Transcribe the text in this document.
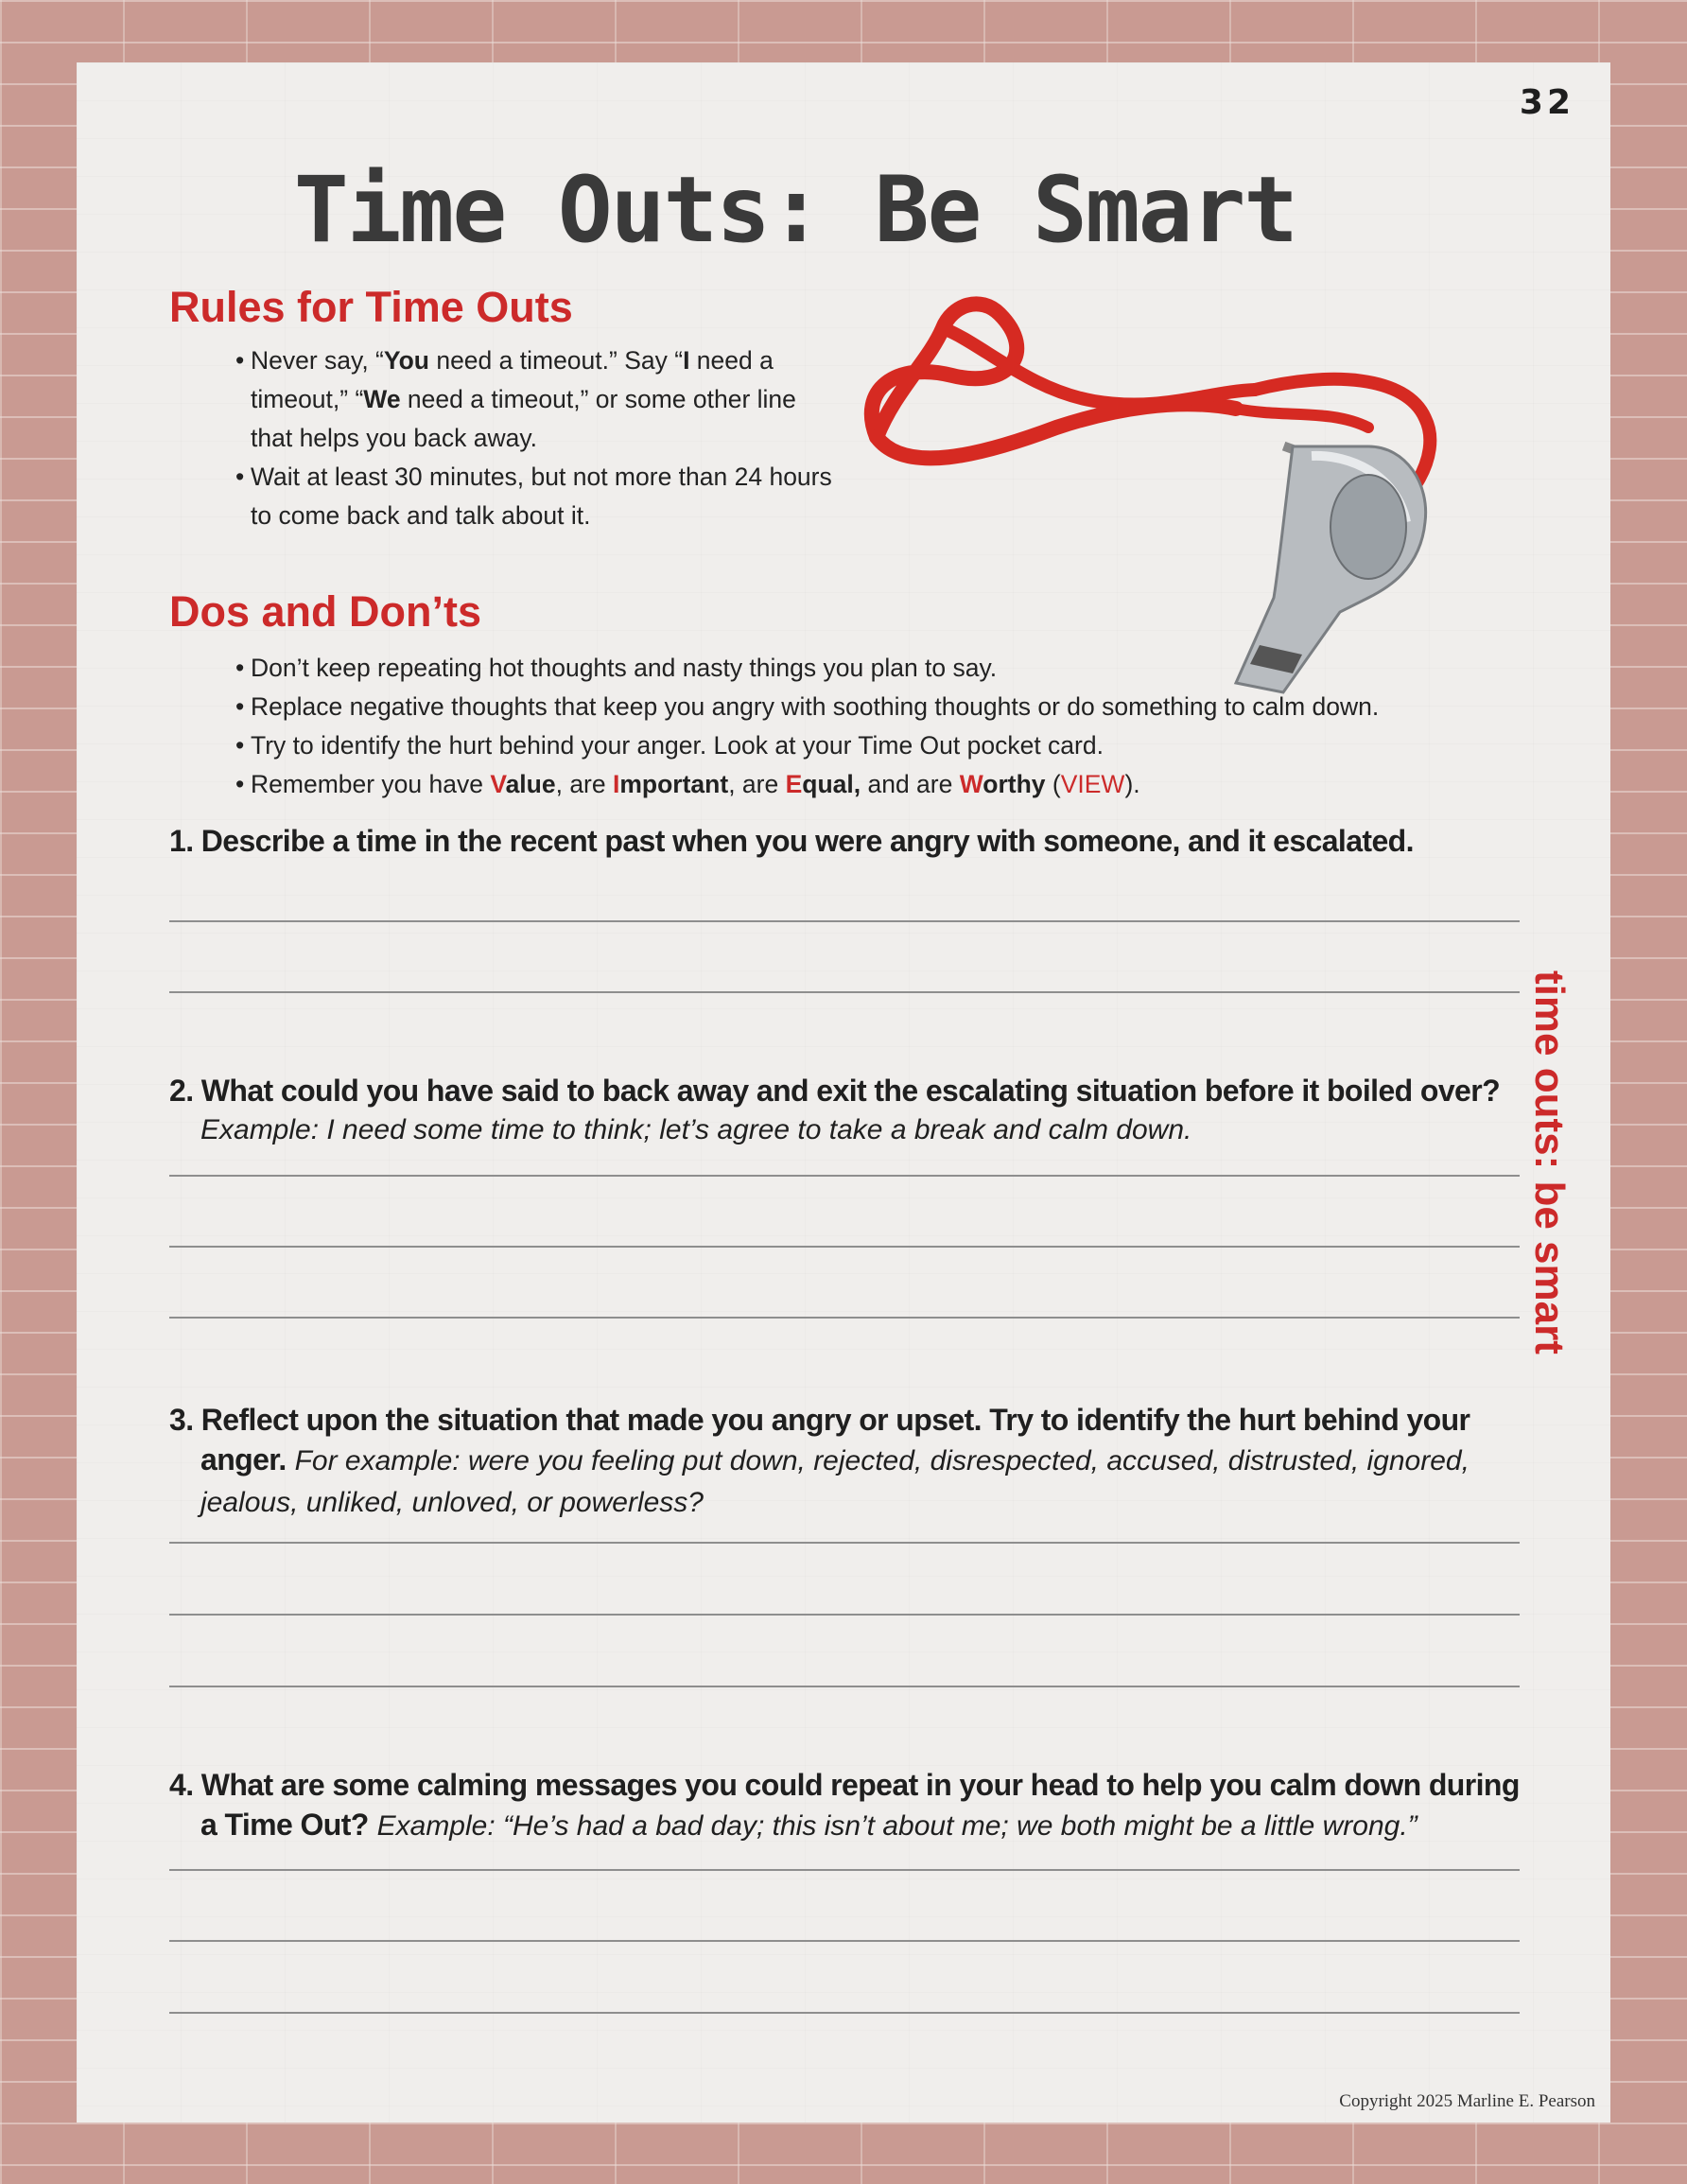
32
Time Outs: Be Smart
Rules for Time Outs
• Never say, “You need a timeout.” Say “I need a timeout,” “We need a timeout,” or some other line that helps you back away.
• Wait at least 30 minutes, but not more than 24 hours to come back and talk about it.
Dos and Don’ts
• Don’t keep repeating hot thoughts and nasty things you plan to say.
• Replace negative thoughts that keep you angry with soothing thoughts or do something to calm down.
• Try to identify the hurt behind your anger. Look at your Time Out pocket card.
• Remember you have Value, are Important, are Equal, and are Worthy (VIEW).
1. Describe a time in the recent past when you were angry with someone, and it escalated.
2. What could you have said to back away and exit the escalating situation before it boiled over?
Example: I need some time to think; let’s agree to take a break and calm down.
3. Reflect upon the situation that made you angry or upset. Try to identify the hurt behind your anger. For example: were you feeling put down, rejected, disrespected, accused, distrusted, ignored, jealous, unliked, unloved, or powerless?
4. What are some calming messages you could repeat in your head to help you calm down during a Time Out? Example: “He’s had a bad day; this isn’t about me; we both might be a little wrong.”
time outs: be smart
Copyright 2025 Marline E. Pearson
